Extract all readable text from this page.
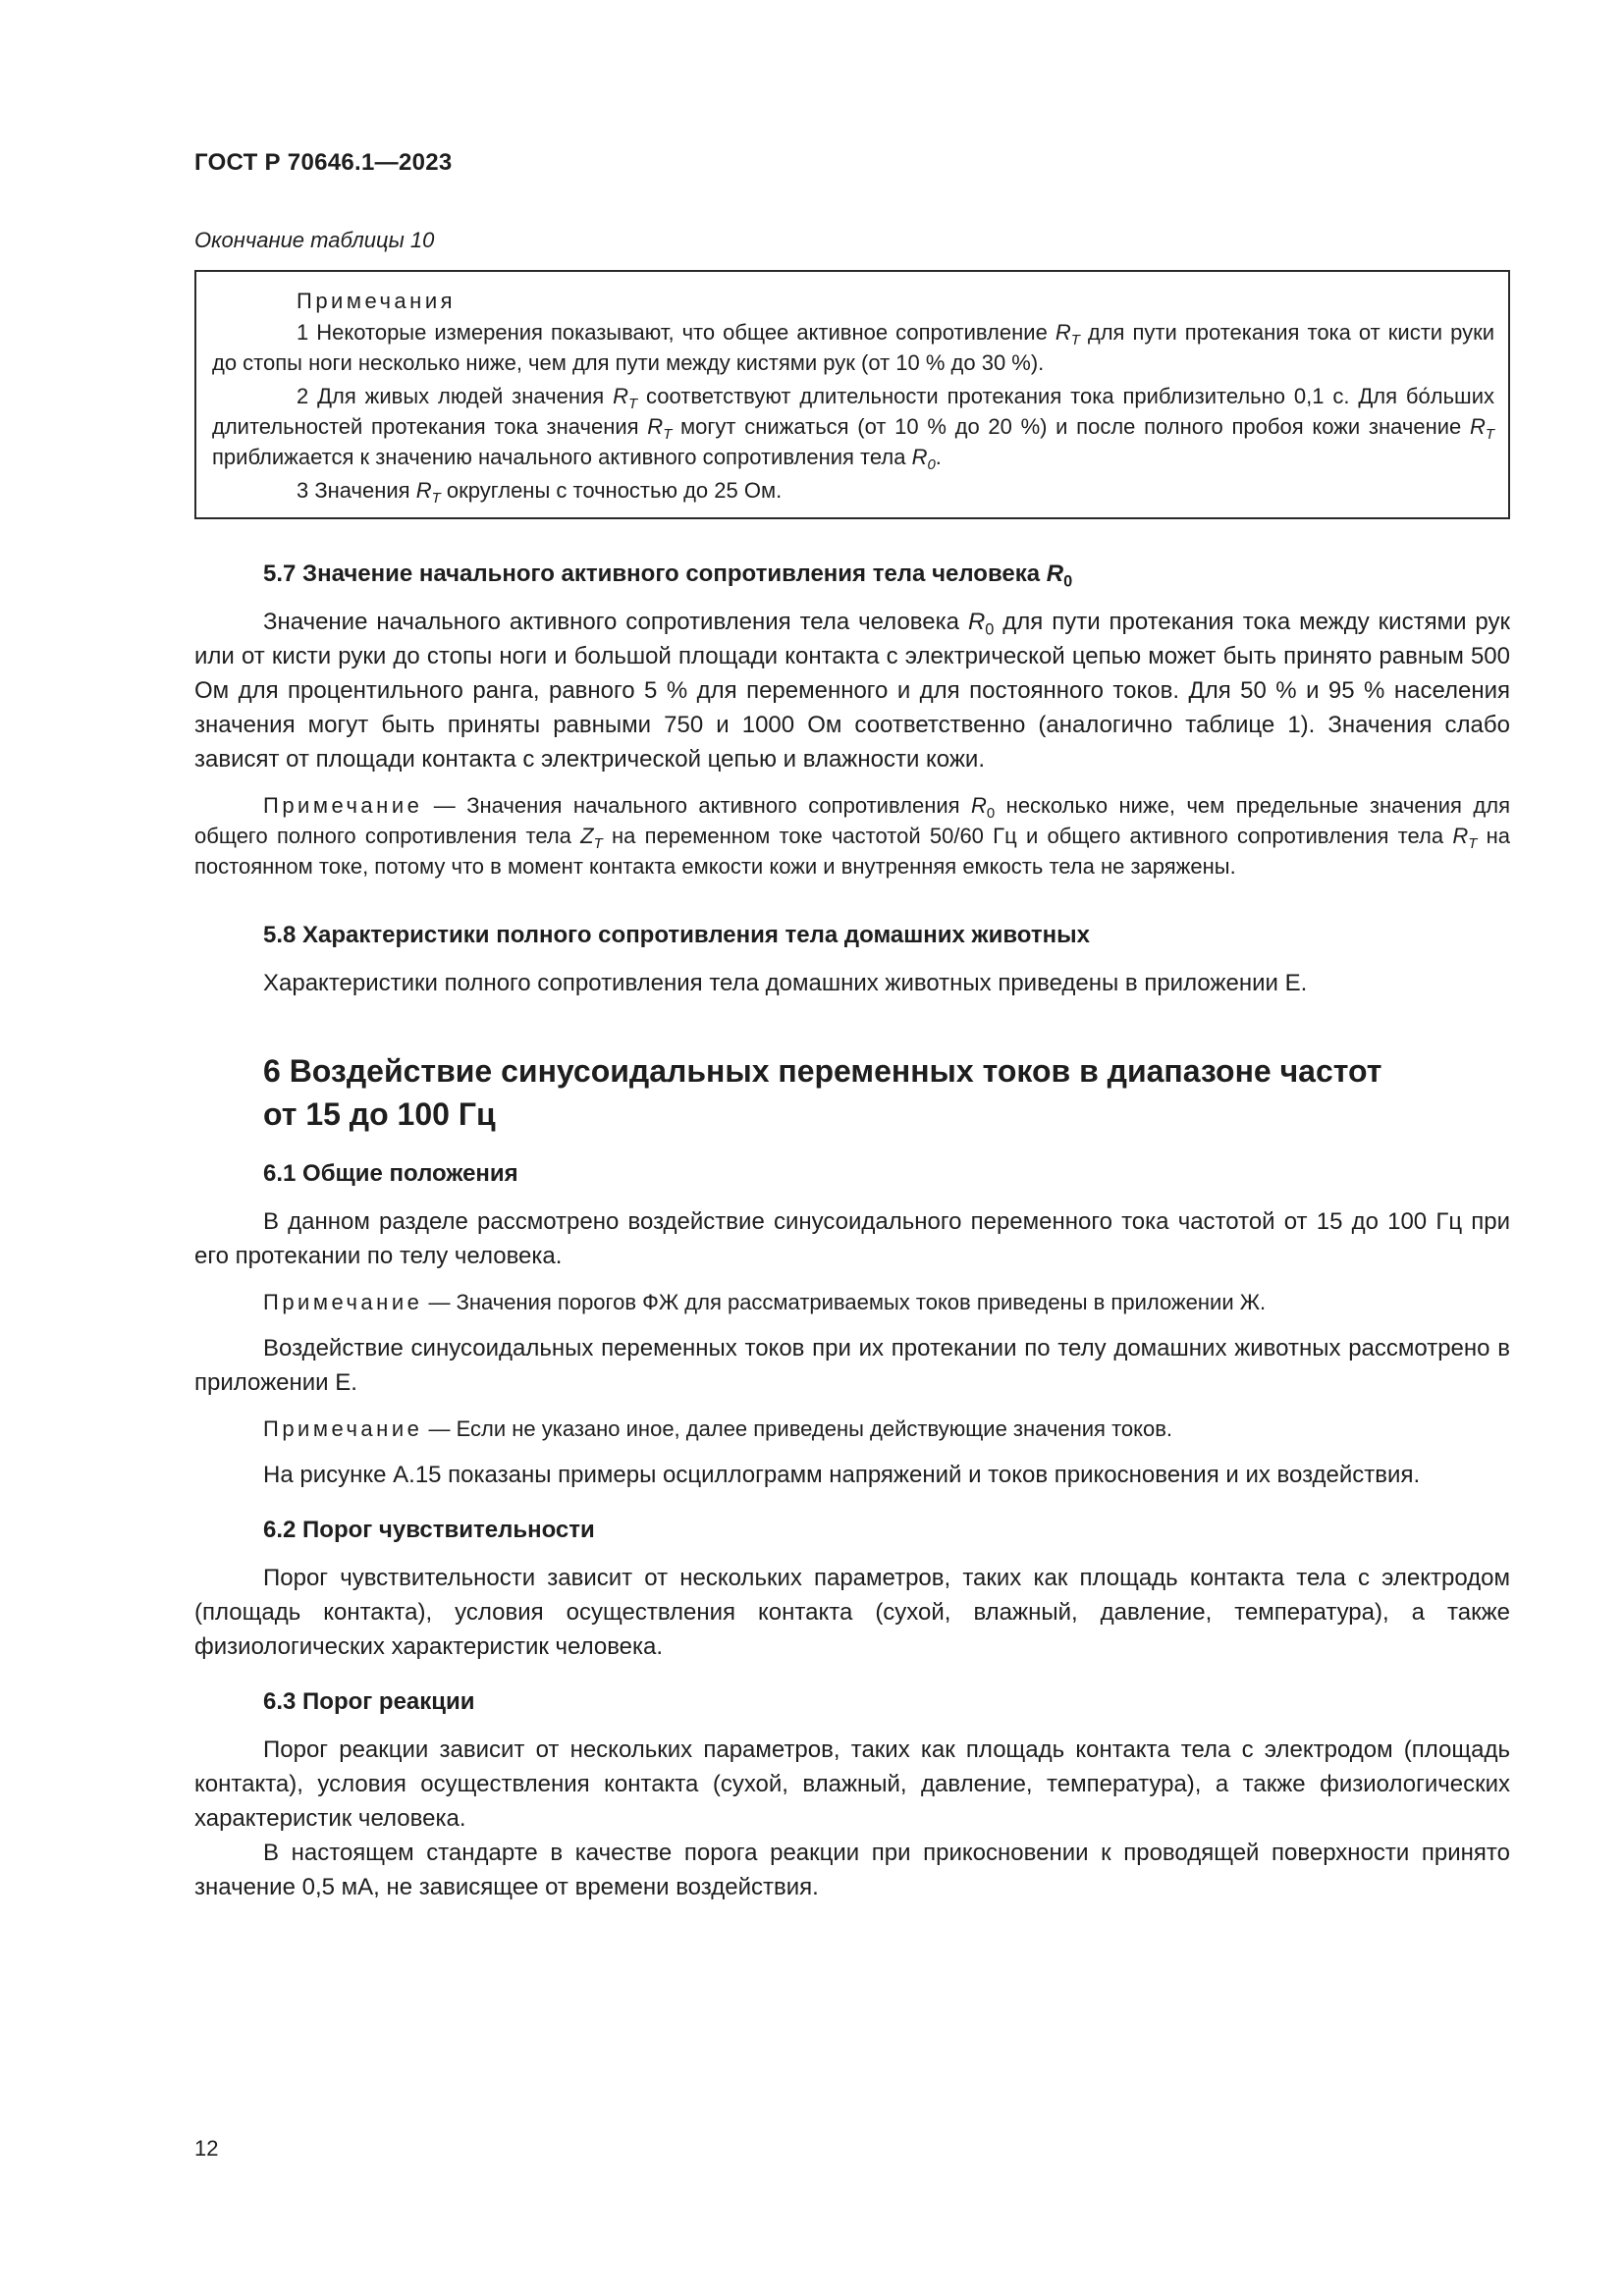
ГОСТ Р 70646.1—2023
Окончание таблицы 10
Примечания

1 Некоторые измерения показывают, что общее активное сопротивление $R_T$ для пути протекания тока от кисти руки до стопы ноги несколько ниже, чем для пути между кистями рук (от 10 % до 30 %).

2 Для живых людей значения $R_T$ соответствуют длительности протекания тока приблизительно 0,1 с. Для бо́льших длительностей протекания тока значения $R_T$ могут снижаться (от 10 % до 20 %) и после полного пробоя кожи значение $R_T$ приближается к значению начального активного сопротивления тела $R_0$.

3 Значения $R_T$ округлены с точностью до 25 Ом.

5.7 Значение начального активного сопротивления тела человека $R_0$

Значение начального активного сопротивления тела человека $R_0$ для пути протекания тока между кистями рук или от кисти руки до стопы ноги и большой площади контакта с электрической цепью может быть принято равным 500 Ом для процентильного ранга, равного 5 % для переменного и для постоянного токов. Для 50 % и 95 % населения значения могут быть приняты равными 750 и 1000 Ом соответственно (аналогично таблице 1). Значения слабо зависят от площади контакта с электрической цепью и влажности кожи.

Примечание — Значения начального активного сопротивления $R_0$ несколько ниже, чем предельные значения для общего полного сопротивления тела $Z_T$ на переменном токе частотой 50/60 Гц и общего активного сопротивления тела $R_T$ на постоянном токе, потому что в момент контакта емкости кожи и внутренняя емкость тела не заряжены.

5.8 Характеристики полного сопротивления тела домашних животных

Характеристики полного сопротивления тела домашних животных приведены в приложении Е.

6 Воздействие синусоидальных переменных токов в диапазоне частот
от 15 до 100 Гц
6.1 Общие положения

В данном разделе рассмотрено воздействие синусоидального переменного тока частотой от 15 до 100 Гц при его протекании по телу человека.

Примечание — Значения порогов ФЖ для рассматриваемых токов приведены в приложении Ж.

Воздействие синусоидальных переменных токов при их протекании по телу домашних животных рассмотрено в приложении Е.

Примечание — Если не указано иное, далее приведены действующие значения токов.

На рисунке А.15 показаны примеры осциллограмм напряжений и токов прикосновения и их воздействия.

6.2 Порог чувствительности

Порог чувствительности зависит от нескольких параметров, таких как площадь контакта тела с электродом (площадь контакта), условия осуществления контакта (сухой, влажный, давление, температура), а также физиологических характеристик человека.

6.3 Порог реакции

Порог реакции зависит от нескольких параметров, таких как площадь контакта тела с электродом (площадь контакта), условия осуществления контакта (сухой, влажный, давление, температура), а также физиологических характеристик человека.

В настоящем стандарте в качестве порога реакции при прикосновении к проводящей поверхности принято значение 0,5 мА, не зависящее от времени воздействия.

12
